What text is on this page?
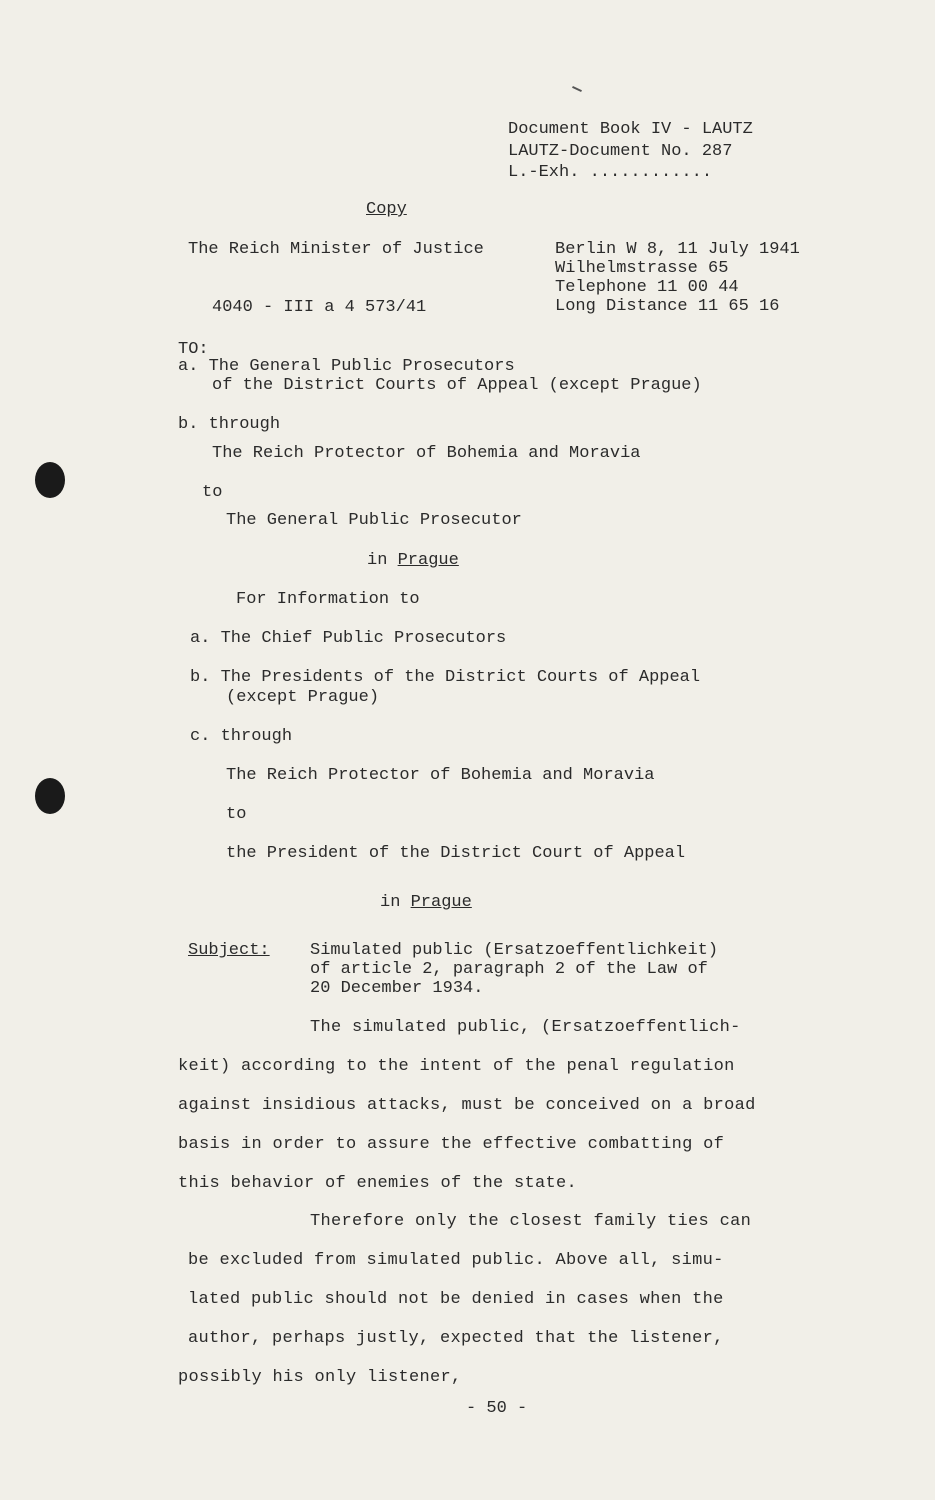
Document Book IV - LAUTZ
LAUTZ-Document No. 287
L.-Exh. ............
Copy
The Reich Minister of Justice
4040 - III a 4 573/41
Berlin W 8, 11 July 1941
Wilhelmstrasse 65
Telephone 11 00 44
Long Distance 11 65 16
TO:
a. The General Public Prosecutors
of the District Courts of Appeal (except Prague)
b. through
The Reich Protector of Bohemia and Moravia
to
The General Public Prosecutor
in Prague
For Information to
a. The Chief Public Prosecutors
b. The Presidents of the District Courts of Appeal
(except Prague)
c. through
The Reich Protector of Bohemia and Moravia
to
the President of the District Court of Appeal
in Prague
Subject: Simulated public (Ersatzoeffentlichkeit)
of article 2, paragraph 2 of the Law of
20 December 1934.
The simulated public, (Ersatzoeffentlich-
keit) according to the intent of the penal regulation
against insidious attacks, must be conceived on a broad
basis in order to assure the effective combatting of
this behavior of enemies of the state.
Therefore only the closest family ties can
be excluded from simulated public. Above all, simu-
lated public should not be denied in cases when the
author, perhaps justly, expected that the listener,
possibly his only listener,
- 50 -
